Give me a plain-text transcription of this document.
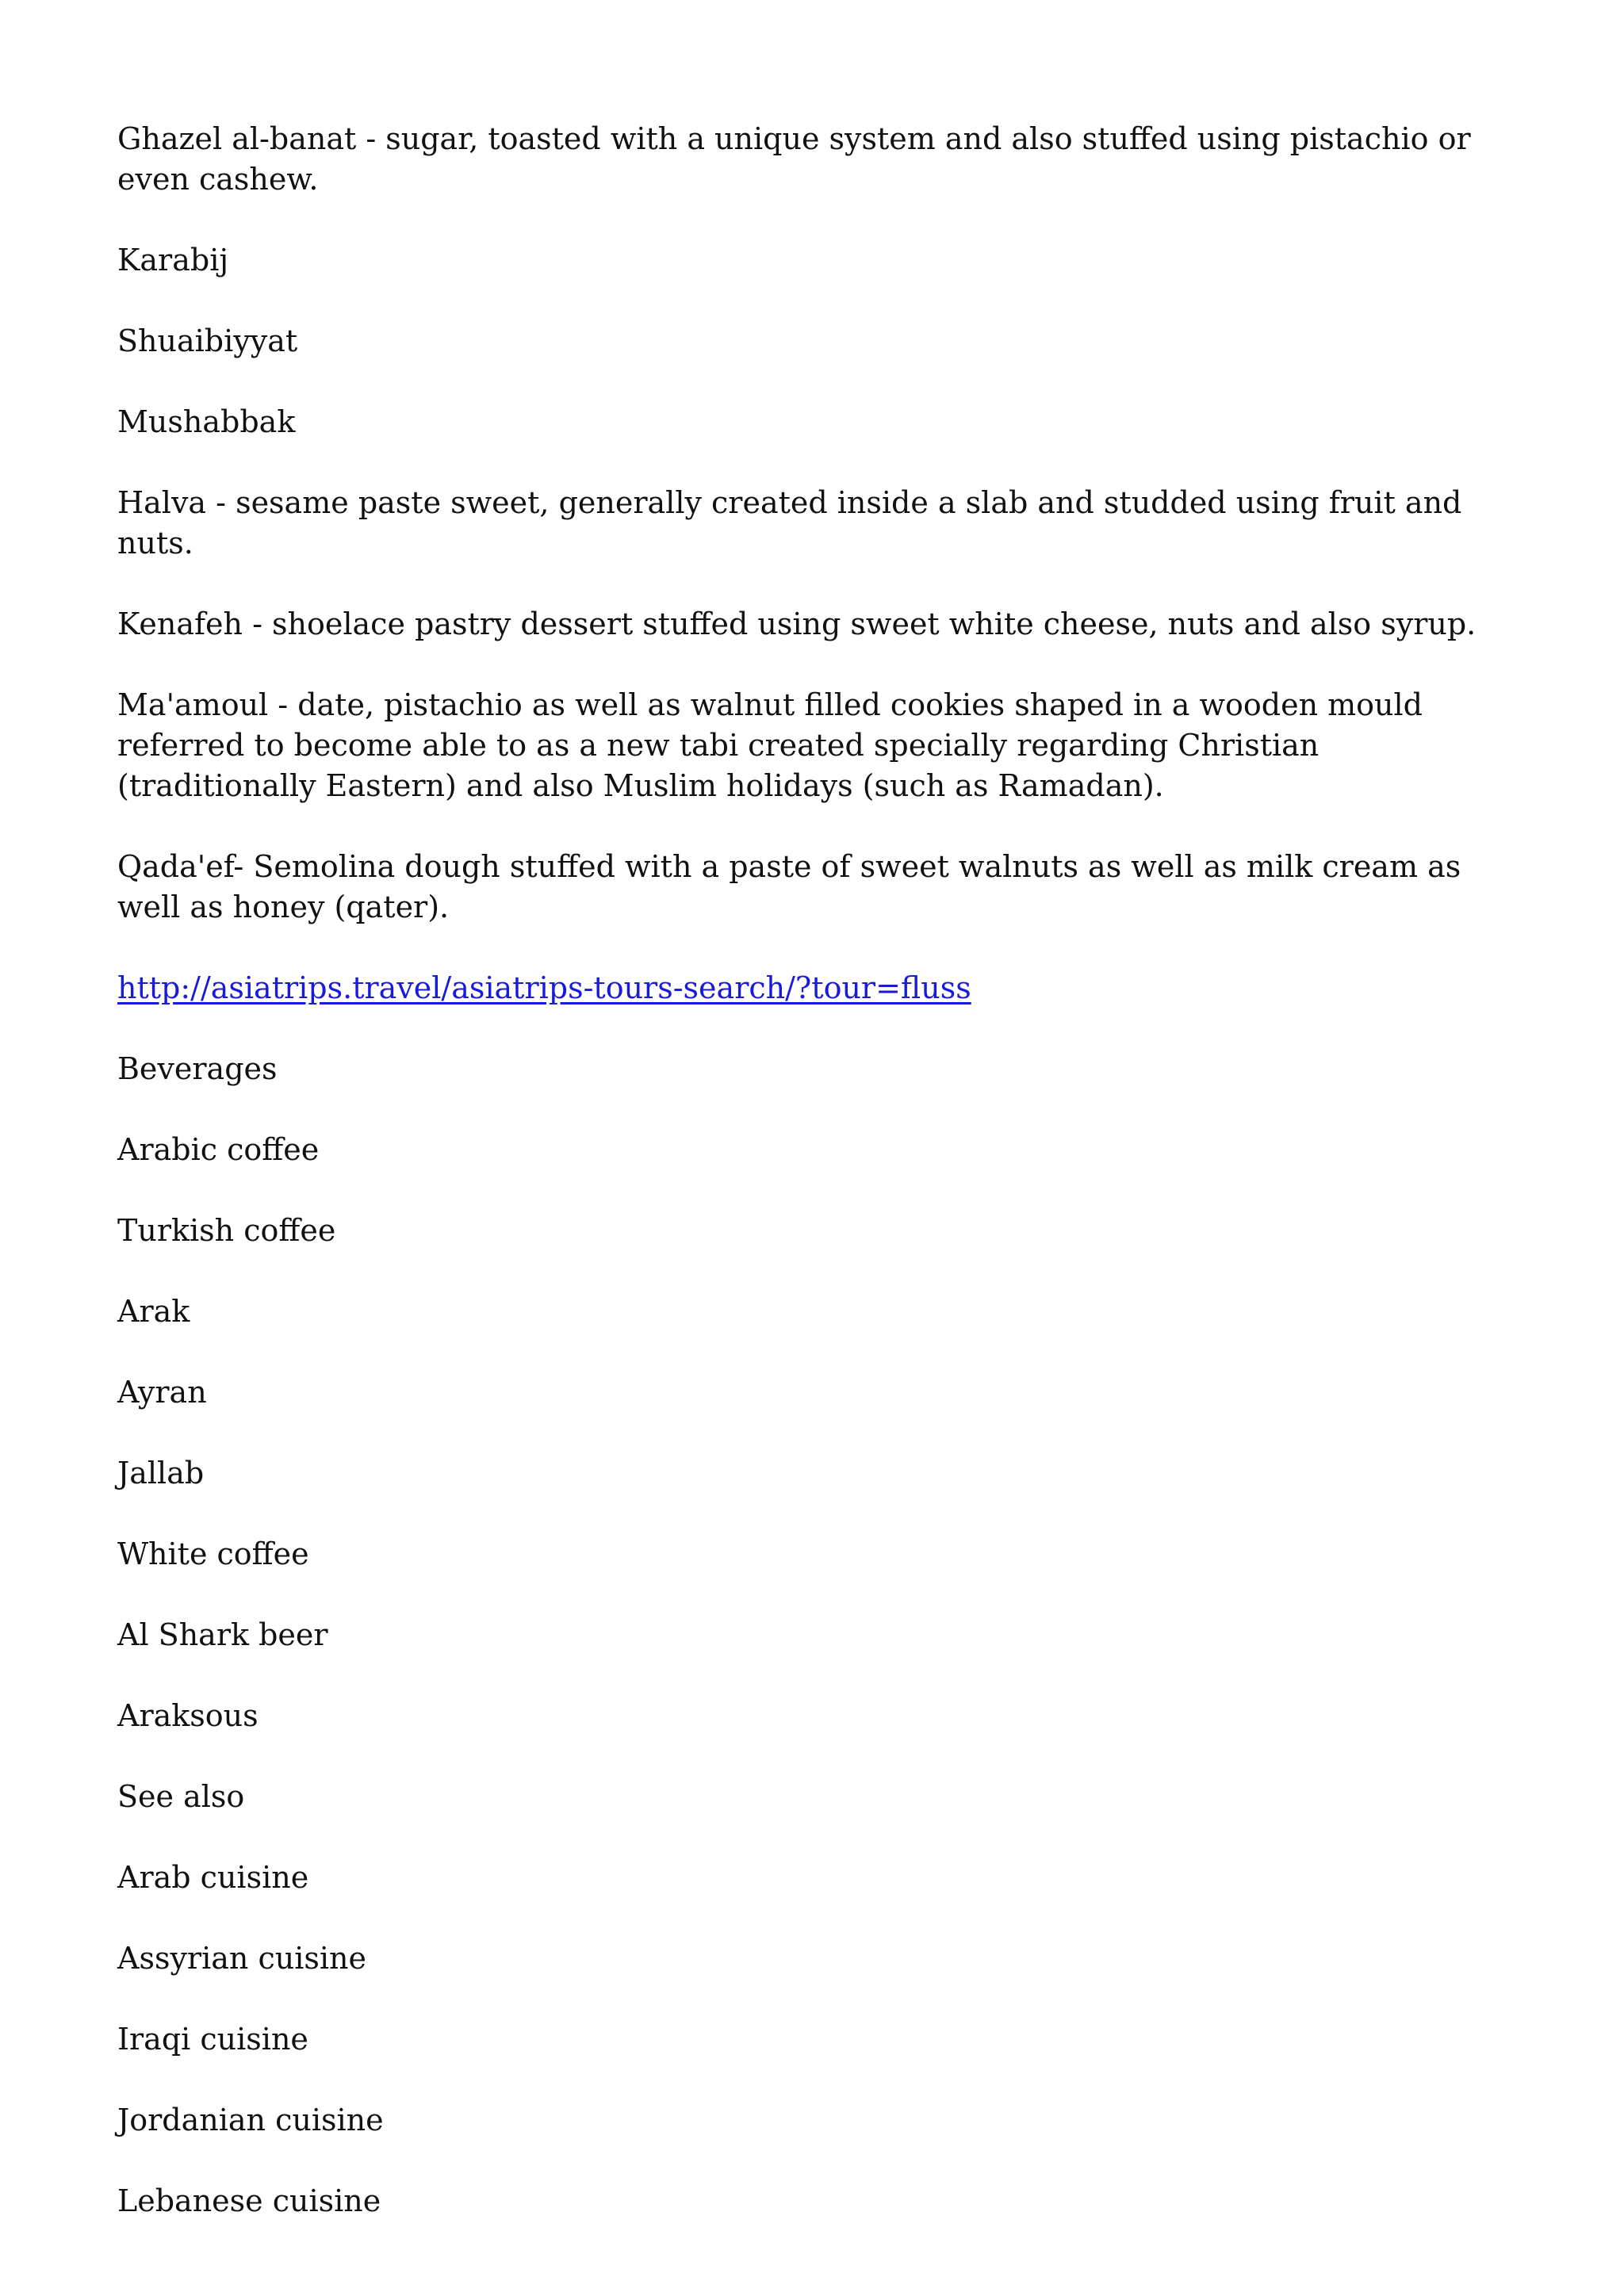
Ghazel al-banat - sugar, toasted with a unique system and also stuffed using pistachio or even cashew.

Karabij

Shuaibiyyat

Mushabbak

Halva - sesame paste sweet, generally created inside a slab and studded using fruit and nuts.

Kenafeh - shoelace pastry dessert stuffed using sweet white cheese, nuts and also syrup.

Ma'amoul - date, pistachio as well as walnut filled cookies shaped in a wooden mould referred to become able to as a new tabi created specially regarding Christian (traditionally Eastern) and also Muslim holidays (such as Ramadan).

Qada'ef- Semolina dough stuffed with a paste of sweet walnuts as well as milk cream as well as honey (qater).

http://asiatrips.travel/asiatrips-tours-search/?tour=fluss

Beverages

Arabic coffee

Turkish coffee

Arak

Ayran

Jallab

White coffee

Al Shark beer

Araksous

See also

Arab cuisine

Assyrian cuisine

Iraqi cuisine

Jordanian cuisine

Lebanese cuisine
